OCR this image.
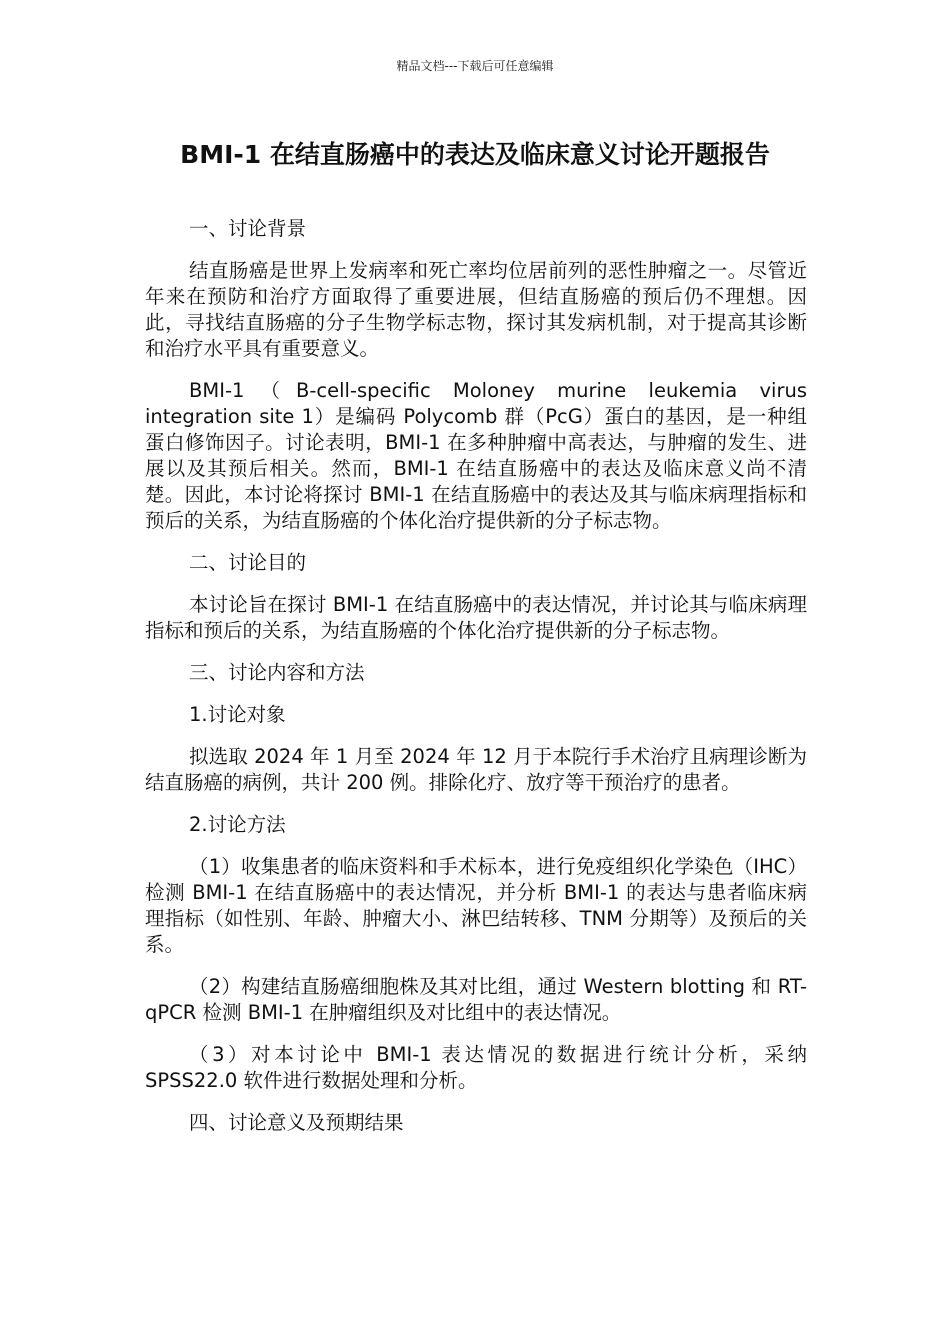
精品文档---下载后可任意编辑
BMI-1 在结直肠癌中的表达及临床意义讨论开题报告

一、讨论背景

结直肠癌是世界上发病率和死亡率均位居前列的恶性肿瘤之一。尽管近年来在预防和治疗方面取得了重要进展，但结直肠癌的预后仍不理想。因此，寻找结直肠癌的分子生物学标志物，探讨其发病机制，对于提高其诊断和治疗水平具有重要意义。

BMI-1（B-cell-specific Moloney murine leukemia virus integration site 1）是编码 Polycomb 群（PcG）蛋白的基因，是一种组蛋白修饰因子。讨论表明，BMI-1 在多种肿瘤中高表达，与肿瘤的发生、进展以及其预后相关。然而，BMI-1 在结直肠癌中的表达及临床意义尚不清楚。因此，本讨论将探讨 BMI-1 在结直肠癌中的表达及其与临床病理指标和预后的关系，为结直肠癌的个体化治疗提供新的分子标志物。

二、讨论目的

本讨论旨在探讨 BMI-1 在结直肠癌中的表达情况，并讨论其与临床病理指标和预后的关系，为结直肠癌的个体化治疗提供新的分子标志物。

三、讨论内容和方法

1.讨论对象

拟选取 2024 年 1 月至 2024 年 12 月于本院行手术治疗且病理诊断为结直肠癌的病例，共计 200 例。排除化疗、放疗等干预治疗的患者。

2.讨论方法

（1）收集患者的临床资料和手术标本，进行免疫组织化学染色（IHC）检测 BMI-1 在结直肠癌中的表达情况，并分析 BMI-1 的表达与患者临床病理指标（如性别、年龄、肿瘤大小、淋巴结转移、TNM 分期等）及预后的关系。

（2）构建结直肠癌细胞株及其对比组，通过 Western blotting 和 RT-qPCR 检测 BMI-1 在肿瘤组织及对比组中的表达情况。

（3）对本讨论中 BMI-1 表达情况的数据进行统计分析，采纳 SPSS22.0 软件进行数据处理和分析。

四、讨论意义及预期结果
